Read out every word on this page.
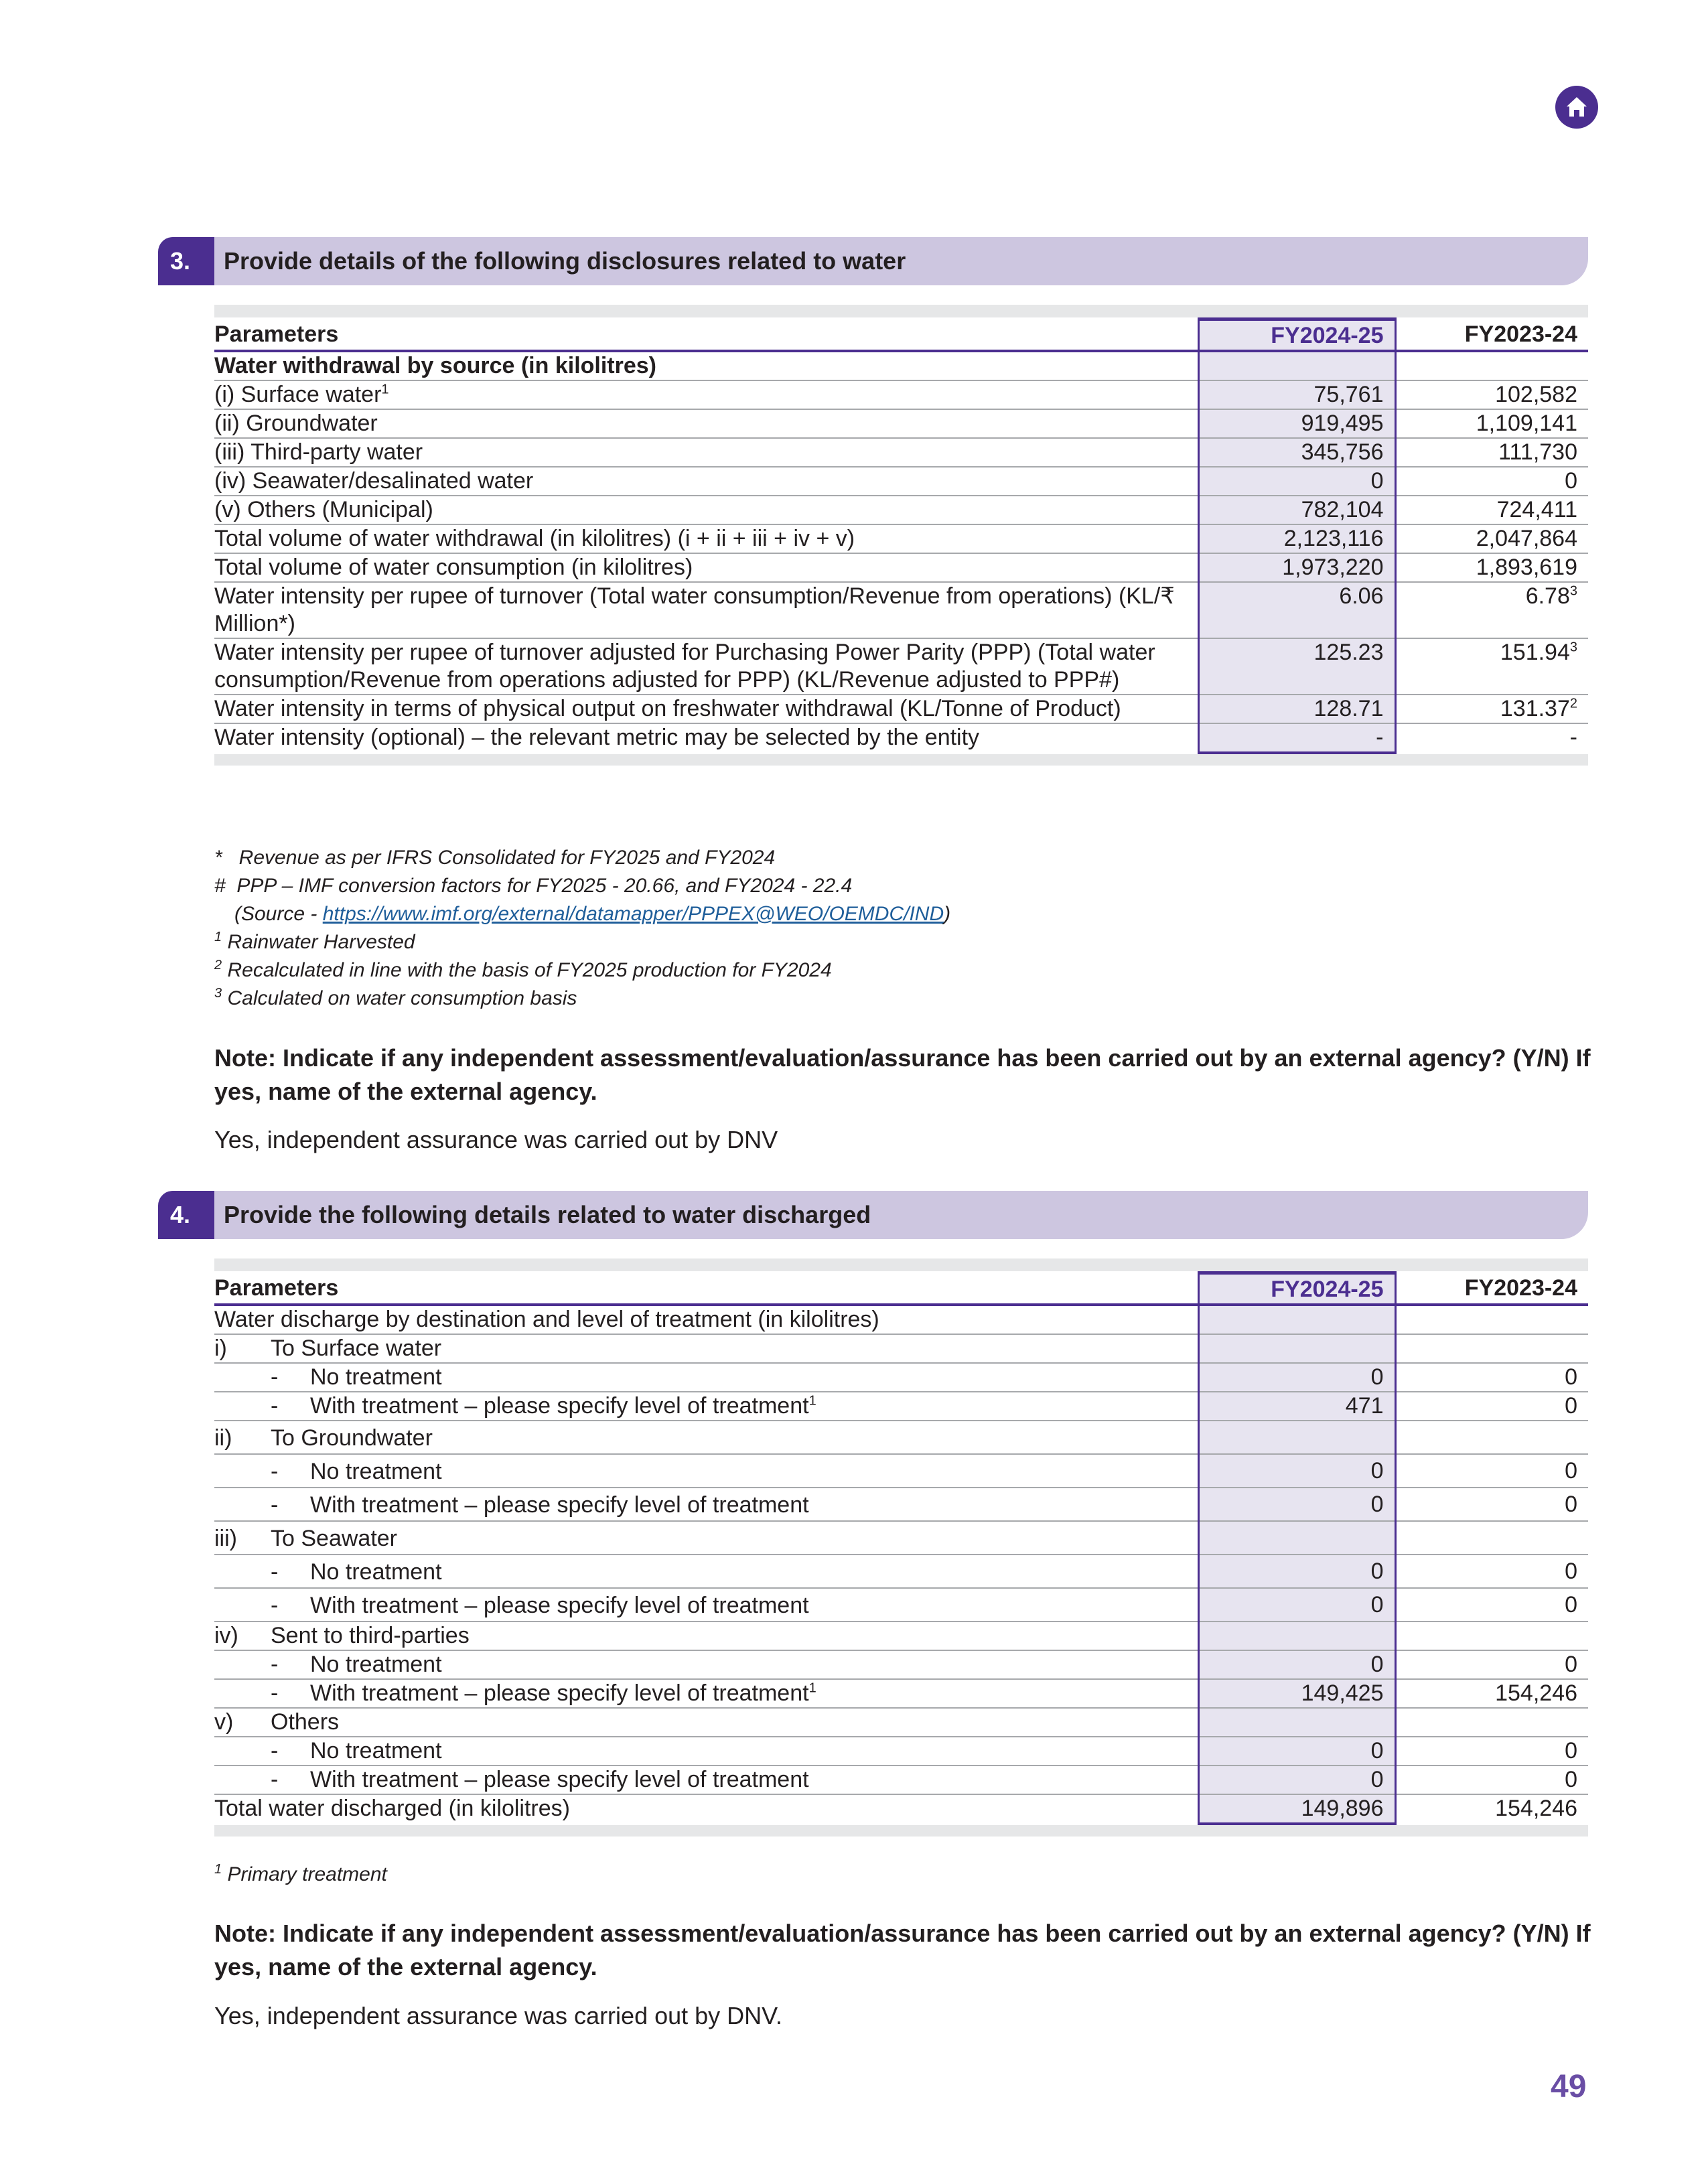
3.	Provide details of the following disclosures related to water
Parameters	FY2024-25	FY2023-24
Water withdrawal by source (in kilolitres)		
(i) Surface water$^1$	75,761	102,582
(ii) Groundwater	919,495	1,109,141
(iii) Third-party water	345,756	111,730
(iv) Seawater/desalinated water	0	0
(v) Others (Municipal)	782,104	724,411
Total volume of water withdrawal (in kilolitres) (i + ii + iii + iv + v)	2,123,116	2,047,864
Total volume of water consumption (in kilolitres)	1,973,220	1,893,619
Water intensity per rupee of turnover (Total water consumption/Revenue from operations) (KL/₹ Million*)	6.06	6.78$^3$
Water intensity per rupee of turnover adjusted for Purchasing Power Parity (PPP) (Total water consumption/Revenue from operations adjusted for PPP) (KL/Revenue adjusted to PPP#)	125.23	151.94$^3$
Water intensity in terms of physical output on freshwater withdrawal (KL/Tonne of Product)	128.71	131.37$^2$
Water intensity (optional) – the relevant metric may be selected by the entity	-	-
*   Revenue as per IFRS Consolidated for FY2025 and FY2024
#  PPP – IMF conversion factors for FY2025 - 20.66, and FY2024 - 22.4
(Source - https://www.imf.org/external/datamapper/PPPEX@WEO/OEMDC/IND)
$^1$ Rainwater Harvested
$^2$ Recalculated in line with the basis of FY2025 production for FY2024
$^3$ Calculated on water consumption basis
Note: Indicate if any independent assessment/evaluation/assurance has been carried out by an external agency? (Y/N) If yes, name of the external agency.
Yes, independent assurance was carried out by DNV
4.	Provide the following details related to water discharged
Parameters	FY2024-25	FY2023-24
Water discharge by destination and level of treatment (in kilolitres)		
i) To Surface water		
- No treatment	0	0
- With treatment – please specify level of treatment$^1$	471	0
ii) To Groundwater		
- No treatment	0	0
- With treatment – please specify level of treatment	0	0
iii) To Seawater		
- No treatment	0	0
- With treatment – please specify level of treatment	0	0
iv) Sent to third-parties		
- No treatment	0	0
- With treatment – please specify level of treatment$^1$	149,425	154,246
v) Others		
- No treatment	0	0
- With treatment – please specify level of treatment	0	0
Total water discharged (in kilolitres)	149,896	154,246
$^1$ Primary treatment
Note: Indicate if any independent assessment/evaluation/assurance has been carried out by an external agency? (Y/N) If yes, name of the external agency.
Yes, independent assurance was carried out by DNV.
49
